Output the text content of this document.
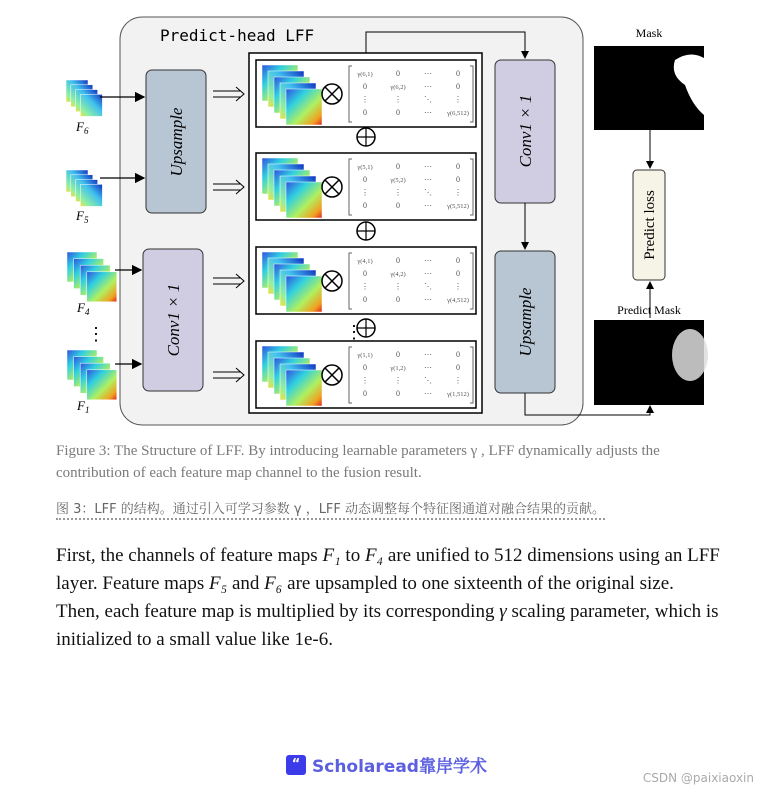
Predict-head LFF
Upsample
Conv1 × 1
γ(6,1)	0	⋯	0
0	γ(6,2) ⋯	0
⋮	⋮	⋱	⋮
0	0	⋯ γ(6,512)
γ(5,1)	0	⋯	0
0	γ(5,2) ⋯	0
⋮	⋮	⋱	⋮
0	0	⋯ γ(5,512)
γ(4,1)	0	⋯	0
0	γ(4,2) ⋯	0
⋮	⋮	⋱	⋮
0	0	⋯ γ(4,512)
γ(1,1)	0	⋯	0
0	γ(1,2) ⋯	0
⋮	⋮	⋱	⋮
0	0	⋯ γ(1,512)
$F_6$
$F_5$
$F_4$
$F_1$
⋮
⋮
Conv1 × 1
Upsample
Mask
Predict loss
Predict Mask
Figure 3: The Structure of LFF. By introducing learnable parameters γ , LFF dynamically adjusts the contribution of each feature map channel to the fusion result.
图 3：LFF 的结构。通过引入可学习参数 γ ，LFF 动态调整每个特征图通道对融合结果的贡献。
First, the channels of feature maps F₁ to F₄ are unified to 512 dimensions using an LFF layer. Feature maps F₅ and F₆ are upsampled to one sixteenth of the original size. Then, each feature map is multiplied by its corresponding γ scaling parameter, which is initialized to a small value like 1e-6.
“ Scholaread靠岸学术
CSDN @paixiaoxin
